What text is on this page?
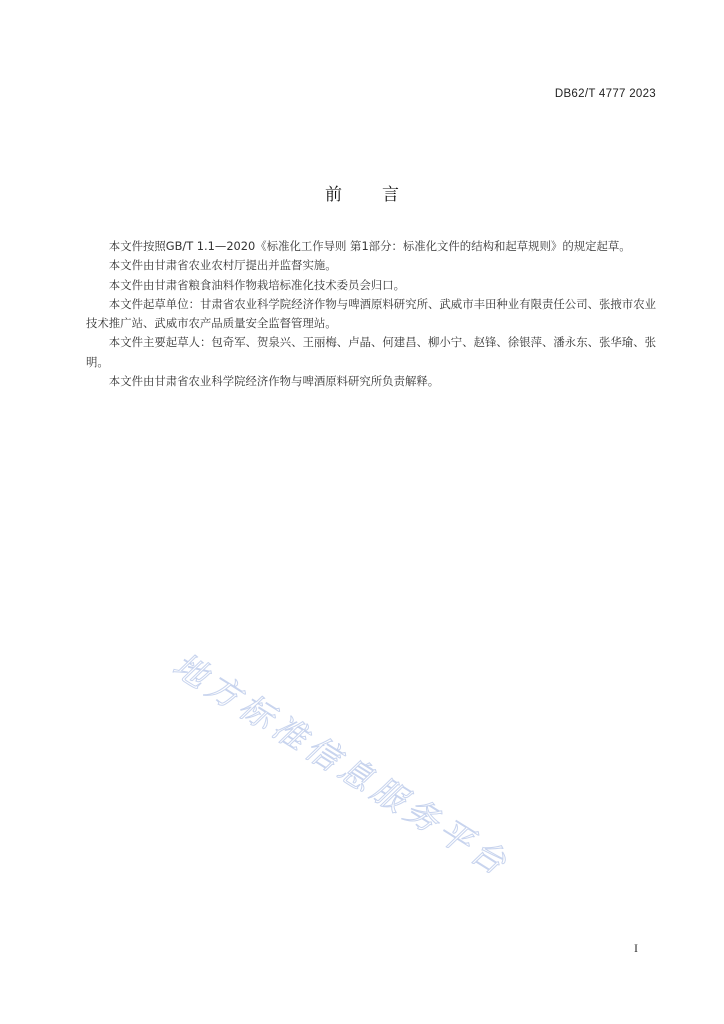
DB62/T 4777 2023
前 言

本文件按照GB/T 1.1—2020《标准化工作导则 第1部分：标准化文件的结构和起草规则》的规定起草。

本文件由甘肃省农业农村厅提出并监督实施。

本文件由甘肃省粮食油料作物栽培标准化技术委员会归口。

本文件起草单位：甘肃省农业科学院经济作物与啤酒原料研究所、武威市丰田种业有限责任公司、张掖市农业技术推广站、武威市农产品质量安全监督管理站。

本文件主要起草人：包奇军、贺泉兴、王丽梅、卢晶、何建昌、柳小宁、赵锋、徐银萍、潘永东、张华瑜、张明。

本文件由甘肃省农业科学院经济作物与啤酒原料研究所负责解释。

地方标准信息服务平台
I
